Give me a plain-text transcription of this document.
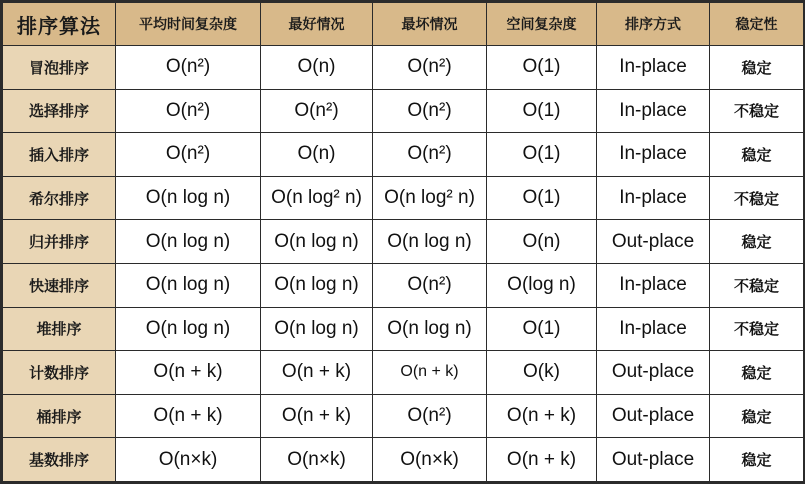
排序算法	平均时间复杂度	最好情况	最坏情况	空间复杂度	排序方式	稳定性
冒泡排序	O(n²)	O(n)	O(n²)	O(1)	In-place	稳定
选择排序	O(n²)	O(n²)	O(n²)	O(1)	In-place	不稳定
插入排序	O(n²)	O(n)	O(n²)	O(1)	In-place	稳定
希尔排序	O(n log n)	O(n log² n)	O(n log² n)	O(1)	In-place	不稳定
归并排序	O(n log n)	O(n log n)	O(n log n)	O(n)	Out-place	稳定
快速排序	O(n log n)	O(n log n)	O(n²)	O(log n)	In-place	不稳定
堆排序	O(n log n)	O(n log n)	O(n log n)	O(1)	In-place	不稳定
计数排序	O(n + k)	O(n + k)	O(n + k)	O(k)	Out-place	稳定
桶排序	O(n + k)	O(n + k)	O(n²)	O(n + k)	Out-place	稳定
基数排序	O(n×k)	O(n×k)	O(n×k)	O(n + k)	Out-place	稳定
